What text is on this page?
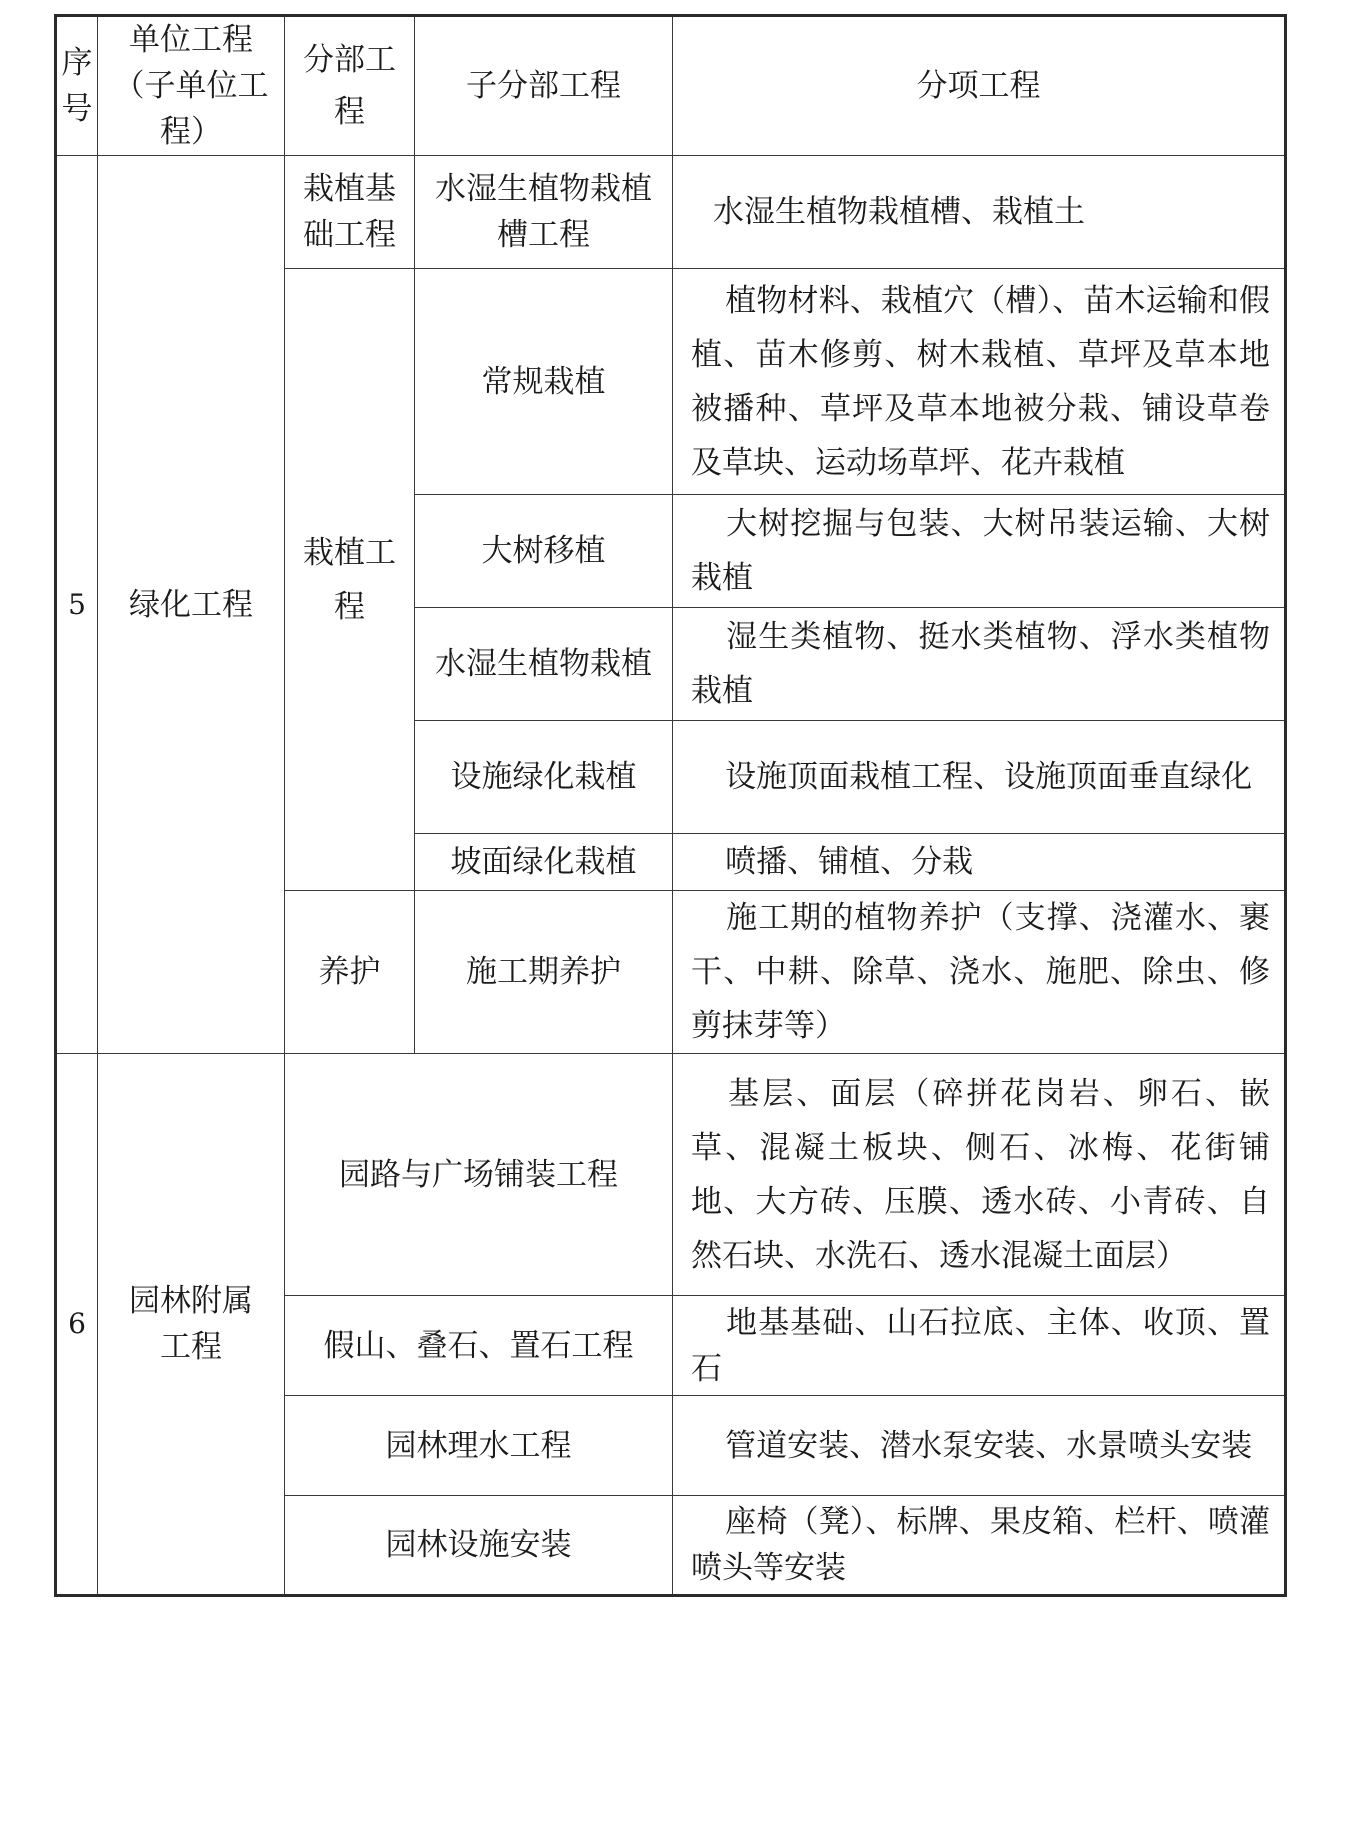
序号	单位工程（子单位工程）	分部工程	子分部工程	分项工程
5	绿化工程	栽植基础工程	水湿生植物栽植槽工程	水湿生植物栽植槽、栽植土
		栽植工程	常规栽植	植物材料、栽植穴（槽）、苗木运输和假植、苗木修剪、树木栽植、草坪及草本地被播种、草坪及草本地被分栽、铺设草卷及草块、运动场草坪、花卉栽植
			大树移植	大树挖掘与包装、大树吊装运输、大树栽植
			水湿生植物栽植	湿生类植物、挺水类植物、浮水类植物栽植
			设施绿化栽植	设施顶面栽植工程、设施顶面垂直绿化
			坡面绿化栽植	喷播、铺植、分栽
		养护	施工期养护	施工期的植物养护（支撑、浇灌水、裹干、中耕、除草、浇水、施肥、除虫、修剪抹芽等）

6	园林附属工程	园路与广场铺装工程		基层、面层（碎拼花岗岩、卵石、嵌草、混凝土板块、侧石、冰梅、花街铺地、大方砖、压膜、透水砖、小青砖、自然石块、水洗石、透水混凝土面层）
		假山、叠石、置石工程		地基基础、山石拉底、主体、收顶、置石
		园林理水工程		管道安装、潜水泵安装、水景喷头安装
		园林设施安装		座椅（凳）、标牌、果皮箱、栏杆、喷灌喷头等安装
